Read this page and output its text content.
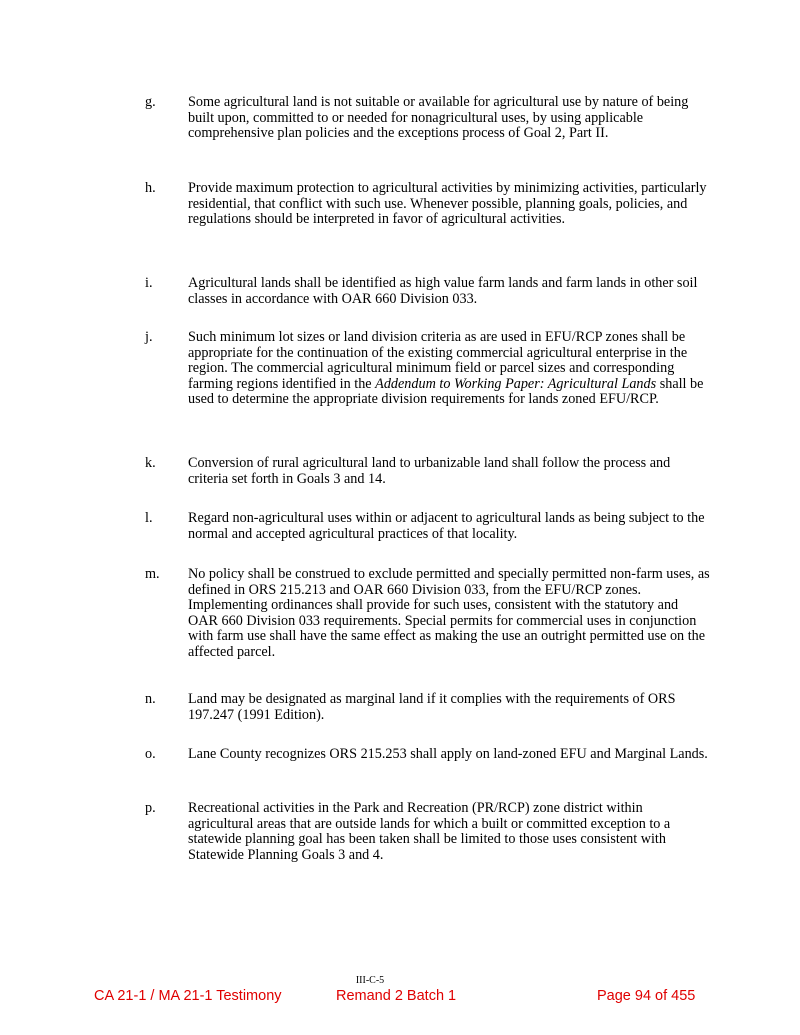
g. Some agricultural land is not suitable or available for agricultural use by nature of being built upon, committed to or needed for nonagricultural uses, by using applicable comprehensive plan policies and the exceptions process of Goal 2, Part II.
h. Provide maximum protection to agricultural activities by minimizing activities, particularly residential, that conflict with such use. Whenever possible, planning goals, policies, and regulations should be interpreted in favor of agricultural activities.
i.	Agricultural lands shall be identified as high value farm lands and farm lands in other soil classes in accordance with OAR 660 Division 033.
j.	Such minimum lot sizes or land division criteria as are used in EFU/RCP zones shall be appropriate for the continuation of the existing commercial agricultural enterprise in the region. The commercial agricultural minimum field or parcel sizes and corresponding farming regions identified in the Addendum to Working Paper: Agricultural Lands shall be used to determine the appropriate division requirements for lands zoned EFU/RCP.
k. Conversion of rural agricultural land to urbanizable land shall follow the process and criteria set forth in Goals 3 and 14.
l.	Regard non-agricultural uses within or adjacent to agricultural lands as being subject to the normal and accepted agricultural practices of that locality.
m. No policy shall be construed to exclude permitted and specially permitted non-farm uses, as defined in ORS 215.213 and OAR 660 Division 033, from the EFU/RCP zones. Implementing ordinances shall provide for such uses, consistent with the statutory and OAR 660 Division 033 requirements. Special permits for commercial uses in conjunction with farm use shall have the same effect as making the use an outright permitted use on the affected parcel.
n. Land may be designated as marginal land if it complies with the requirements of ORS 197.247 (1991 Edition).
o. Lane County recognizes ORS 215.253 shall apply on land-zoned EFU and Marginal Lands.
p. Recreational activities in the Park and Recreation (PR/RCP) zone district within agricultural areas that are outside lands for which a built or committed exception to a statewide planning goal has been taken shall be limited to those uses consistent with Statewide Planning Goals 3 and 4.
III-C-5
CA 21-1 / MA 21-1 Testimony	Remand 2 Batch 1	Page 94 of 455
